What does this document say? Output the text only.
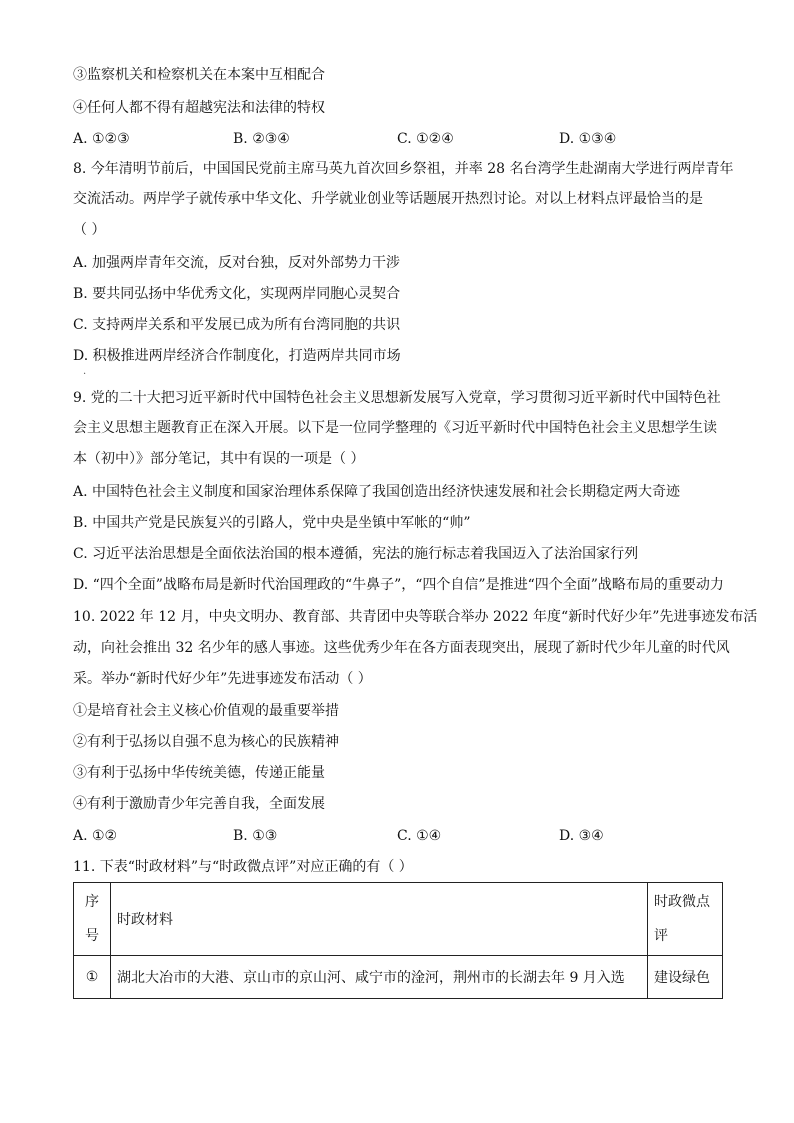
③监察机关和检察机关在本案中互相配合
④任何人都不得有超越宪法和法律的特权
A. ①②③	B. ②③④	C. ①②④	D. ①③④
8. 今年清明节前后，中国国民党前主席马英九首次回乡祭祖，并率 28 名台湾学生赴湖南大学进行两岸青年
交流活动。两岸学子就传承中华文化、升学就业创业等话题展开热烈讨论。对以上材料点评最恰当的是
（ ）
A. 加强两岸青年交流，反对台独，反对外部势力干涉
B. 要共同弘扬中华优秀文化，实现两岸同胞心灵契合
C. 支持两岸关系和平发展已成为所有台湾同胞的共识
D. 积极推进两岸经济合作制度化，打造两岸共同市场
.
9. 党的二十大把习近平新时代中国特色社会主义思想新发展写入党章，学习贯彻习近平新时代中国特色社
会主义思想主题教育正在深入开展。以下是一位同学整理的《习近平新时代中国特色社会主义思想学生读
本（初中）》部分笔记，其中有误的一项是（ ）
A. 中国特色社会主义制度和国家治理体系保障了我国创造出经济快速发展和社会长期稳定两大奇迹
B. 中国共产党是民族复兴的引路人，党中央是坐镇中军帐的“帅”
C. 习近平法治思想是全面依法治国的根本遵循，宪法的施行标志着我国迈入了法治国家行列
D. “四个全面”战略布局是新时代治国理政的“牛鼻子”，“四个自信”是推进“四个全面”战略布局的重要动力
10. 2022 年 12 月，中央文明办、教育部、共青团中央等联合举办 2022 年度“新时代好少年”先进事迹发布活
动，向社会推出 32 名少年的感人事迹。这些优秀少年在各方面表现突出，展现了新时代少年儿童的时代风
采。举办“新时代好少年”先进事迹发布活动（ ）
①是培育社会主义核心价值观的最重要举措
②有利于弘扬以自强不息为核心的民族精神
③有利于弘扬中华传统美德，传递正能量
④有利于激励青少年完善自我，全面发展
A. ①②	B. ①③	C. ①④	D. ③④
11. 下表“时政材料”与“时政微点评”对应正确的有（ ）
序
号	时政材料	时政微点
评

①	湖北大冶市的大港、京山市的京山河、咸宁市的淦河，荆州市的长湖去年 9 月入选	建设绿色
